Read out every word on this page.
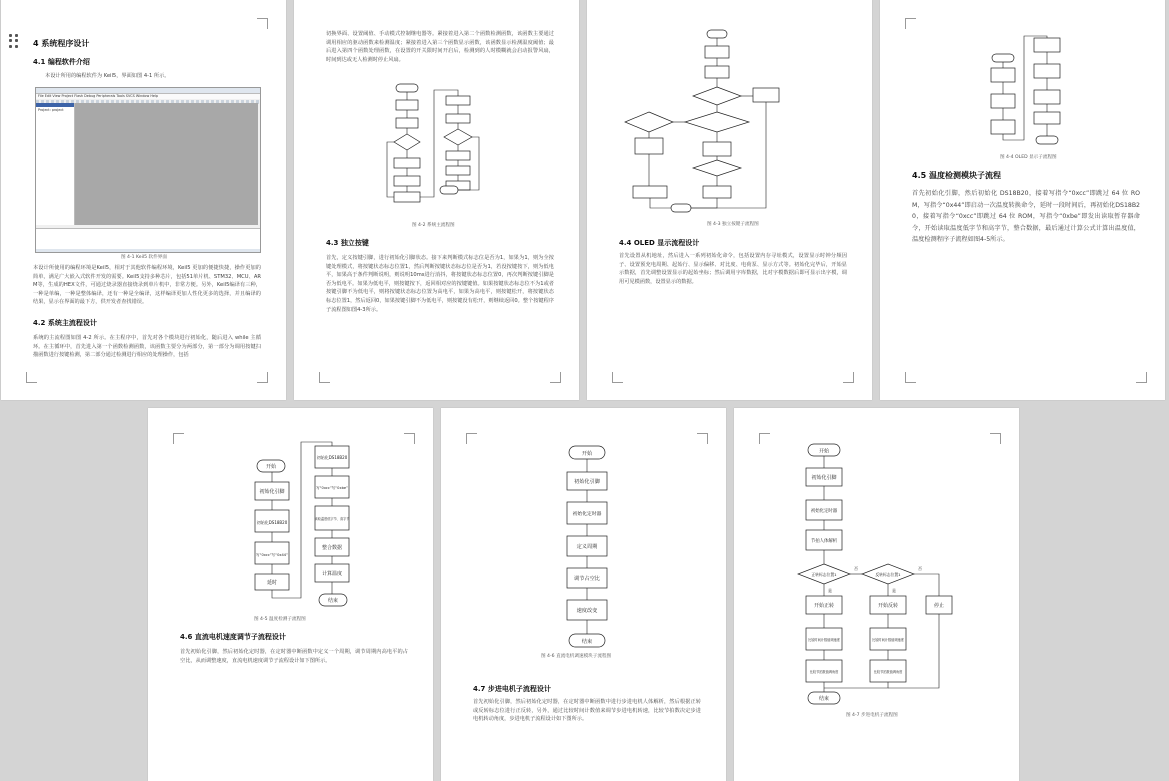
4 系统程序设计
4.1 编程软件介绍
本设计所用的编程软件为 Keil5，界面如图 4-1 所示。
File Edit View Project Flash Debug Peripherals Tools SVCS Window Help
Project: project
图 4-1 Keil5 软件界面
本设计所使用的编程环境是Keil5，相对于其他软件编程环境，Keil5 更加的便捷快捷，操作更加的简单，满足广大嵌入式软件开发的需要。Keil5支持多种芯片，包括51单片机、STM32、MCU、ARM等，生成的HEX文件，可通过烧录器直接烧录到单片机中，非常方便。另外，Keil5编译有三种，一种是单编，一种是整体编译，还有一种是全编译，这样编译更加人性化更多的选择，并且编译的结果，显示在界面的最下方，供开发者查找错误。
4.2 系统主流程设计
系统的主流程图如图 4-2 所示。在主程序中，首先对各个模块进行初始化，随后进入 while 主循环。在主循环中，首先进入第一个函数检测函数，该函数主要分为两部分，第一部分为调用按键扫描函数进行按键检测，第二部分通过检测进行相应的处理操作，包括
切换界面、设置阈值、手动模式控制继电器等。紧接着进入第二个函数检测函数，该函数主要通过调用相应的驱动函数来检测温度；紧接着进入第三个函数显示函数，该函数显示检测温度阈值；最后进入第四个函数处理函数，在设置的开关限时间开启后，检测到的人时模糊就会启动报警风扇，时间到达或无人检测时停止风扇。
图 4-2 系统主流程图
4.3 独立按键
首先，定义按键引脚，进行初始化引脚状态。接下来判断模式标志位是否为1，如果为1，则为全按键处理模式，将按键状态标志位置1，然后判断按键状态标志位是否为1，若没按键按下，则为低电平，如果高于条件判断说明，则说明10ms进行消抖，将按键状态标志位置0，再次判断按键引脚是否为低电平。如果为低电平，则按键按下，返回相对应的按键键值。如果按键状态标志位不为1或者按键引脚不为低电平，则将按键状态标志位置为高电平，如果为高电平，则按键松开，将按键状态标志位置1，然后返回0，如果按键引脚不为低电平，则按键没有松开，则继续返回0。整个按键程序子流程图如图4-3所示。
图 4-3 独立按键子流程图
4.4 OLED 显示流程设计
首先设置从机地址，然后进入一系列初始化命令，包括设置内存寻址模式，设置显示时钟分频因子、设置预充电周期、起始行、显示偏移、对比度、电荷泵、显示方式等。初始化完毕后，开始显示数据，首先调整设置显示的起始坐标；然后调用字库数据，比对字模数据后即可显示出字模，调用可见模函数，设置显示的数据。
图 4-4 OLED 显示子流程图
4.5 温度检测模块子流程
首先初始化引脚，然后初始化 DS18B20，接着写指令“0xcc”即跳过 64 位 ROM，写指令“0x44”即启动一次温度转换命令，延时一段时间后，再初始化DS18B20，接着写指令“0xcc”即跳过 64 位 ROM，写指令“0xbe”即发出读取暂存器命令，开始读取温度低字节和高字节，整合数据，最后通过计算公式计算出温度值，温度检测程序子流程如图4-5所示。
开始
初始化引脚
初始化DS18B20
写“0xcc”写“0x44”
延时
初始化DS18B20
写“0xcc”写“0xbe”
读取温度低字节、高字节
整合数据
计算温度
结束
图 4-5 温度检测子流程图
4.6 直流电机速度调节子流程设计
首先初始化引脚，然后初始化定时器，在定时器中断函数中定义一个周期，调节周期内高电平的占空比，从而调整速度，直流电机速度调节子流程设计如下图所示。
开始
初始化引脚
初始化定时器
定义周期
调节占空比
速度改变
结束
图 4-6 直流电机调速模块子流程图
4.7 步进电机子流程设计
首先初始化引脚，然后初始化定时器，在定时器中断函数中进行步进电机人体解析，然后根据正转或反转标志位进行正反转，另外，通过比较时间计数值来调节步进电机转速，比较节拍数决定步进电机转动角度，步进电机子流程设计如下图所示。
开始
初始化引脚
初始化定时器
节拍人体解析
正转标志位置1	反转标志位置1
否	否
是	是
开始正转	开始反转	停止
比较时间计数值调速度	比较时间计数值调速度
比较节拍数值调角度	比较节拍数值调角度
结束
图 4-7 步进电机子流程图
